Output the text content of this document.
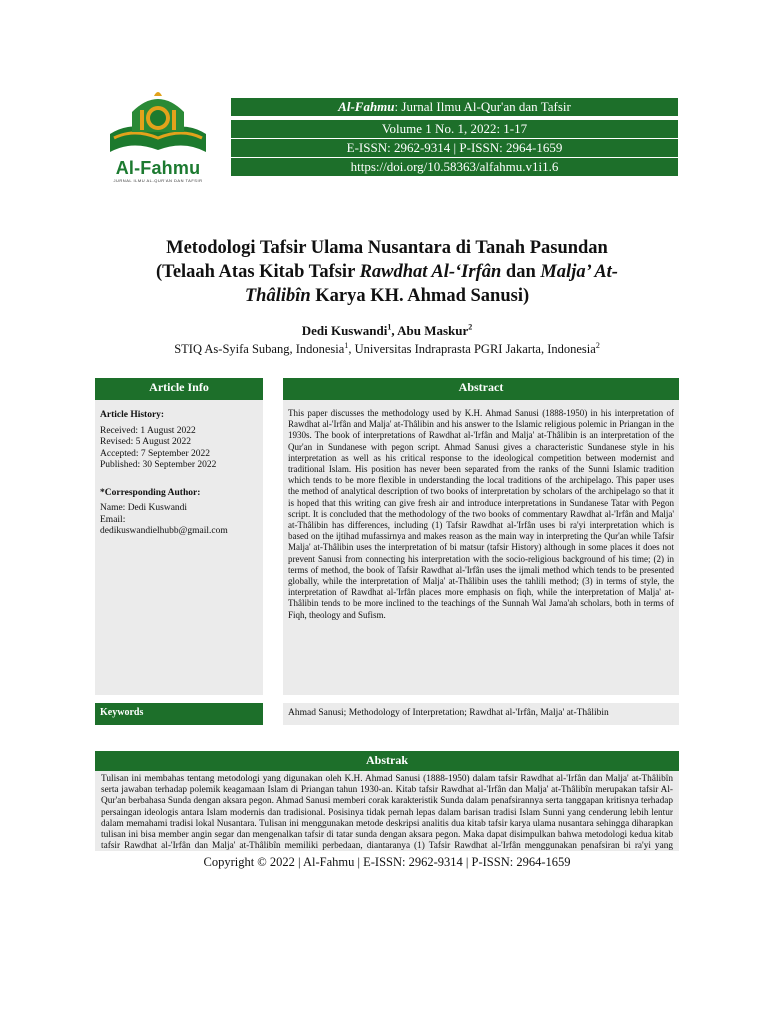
Al-Fahmu
JURNAL ILMU AL-QUR'AN DAN TAFSIR
Al-Fahmu: Jurnal Ilmu Al-Qur'an dan Tafsir
Volume 1 No. 1, 2022: 1-17
E-ISSN: 2962-9314 | P-ISSN: 2964-1659
https://doi.org/10.58363/alfahmu.v1i1.6
Metodologi Tafsir Ulama Nusantara di Tanah Pasundan
(Telaah Atas Kitab Tafsir Rawdhat Al-‘Irfân dan Malja’ At-
Thâlibîn Karya KH. Ahmad Sanusi)
Dedi Kuswandi$^1$, Abu Maskur$^2$
STIQ As-Syifa Subang, Indonesia$^1$, Universitas Indraprasta PGRI Jakarta, Indonesia$^2$
Article Info	Abstract
Article History:
Received: 1 August 2022
Revised: 5 August 2022
Accepted: 7 September 2022
Published: 30 September 2022
*Corresponding Author:
Name: Dedi Kuswandi
Email:
dedikuswandielhubb@gmail.com

This paper discusses the methodology used by K.H. Ahmad Sanusi (1888-1950) in his interpretation of Rawdhat al-'Irfân and Malja' at-Thâlibin and his answer to the Islamic religious polemic in Priangan in the 1930s. The book of interpretations of Rawdhat al-'Irfân and Malja' at-Thâlibin is an interpretation of the Qur'an in Sundanese with pegon script. Ahmad Sanusi gives a characteristic Sundanese style in his interpretation as well as his critical response to the ideological competition between modernist and traditional Islam. His position has never been separated from the ranks of the Sunni Islamic tradition which tends to be more flexible in understanding the local traditions of the archipelago. This paper uses the method of analytical description of two books of interpretation by scholars of the archipelago so that it is hoped that this writing can give fresh air and introduce interpretations in Sundanese Tatar with Pegon script. It is concluded that the methodology of the two books of commentary Rawdhat al-'Irfân and Malja' at-Thâlibin has differences, including (1) Tafsir Rawdhat al-'Irfân uses bi ra'yi interpretation which is based on the ijtihad mufassirnya and makes reason as the main way in interpreting the Qur'an while Tafsir Malja' at-Thâlibin uses the interpretation of bi matsur (tafsir History) although in some places it does not prevent Sanusi from connecting his interpretation with the socio-religious background of his time; (2) in terms of method, the book of Tafsir Rawdhat al-'Irfân uses the ijmali method which tends to be presented globally, while the interpretation of Malja' at-Thâlibin uses the tahlili method; (3) in terms of style, the interpretation of Rawdhat al-'Irfân places more emphasis on fiqh, while the interpretation of Malja' at-Thâlibin tends to be more inclined to the teachings of the Sunnah Wal Jama'ah scholars, both in terms of Fiqh, theology and Sufism.

Keywords	Ahmad Sanusi; Methodology of Interpretation; Rawdhat al-'Irfân, Malja' at-Thâlibin
Abstrak

Tulisan ini membahas tentang metodologi yang digunakan oleh K.H. Ahmad Sanusi (1888-1950) dalam tafsir Rawdhat al-'Irfân dan Malja' at-Thâlibîn serta jawaban terhadap polemik keagamaan Islam di Priangan tahun 1930-an. Kitab tafsir Rawdhat al-'Irfân dan Malja' at-Thâlibîn merupakan tafsir Al-Qur'an berbahasa Sunda dengan aksara pegon. Ahmad Sanusi memberi corak karakteristik Sunda dalam penafsirannya serta tanggapan kritisnya terhadap persaingan ideologis antara Islam modernis dan tradisional. Posisinya tidak pernah lepas dalam barisan tradisi Islam Sunni yang cenderung lebih lentur dalam memahami tradisi lokal Nusantara. Tulisan ini menggunakan metode deskripsi analitis dua kitab tafsir karya ulama nusantara sehingga diharapkan tulisan ini bisa member angin segar dan mengenalkan tafsir di tatar sunda dengan aksara pegon. Maka dapat disimpulkan bahwa metodologi kedua kitab tafsir Rawdhat al-'Irfân dan Malja' at-Thâlibîn memiliki perbedaan, diantaranya (1) Tafsir Rawdhat al-'Irfân menggunakan penafsiran bi ra'yi yang

Copyright © 2022 | Al-Fahmu | E-ISSN: 2962-9314 | P-ISSN: 2964-1659
